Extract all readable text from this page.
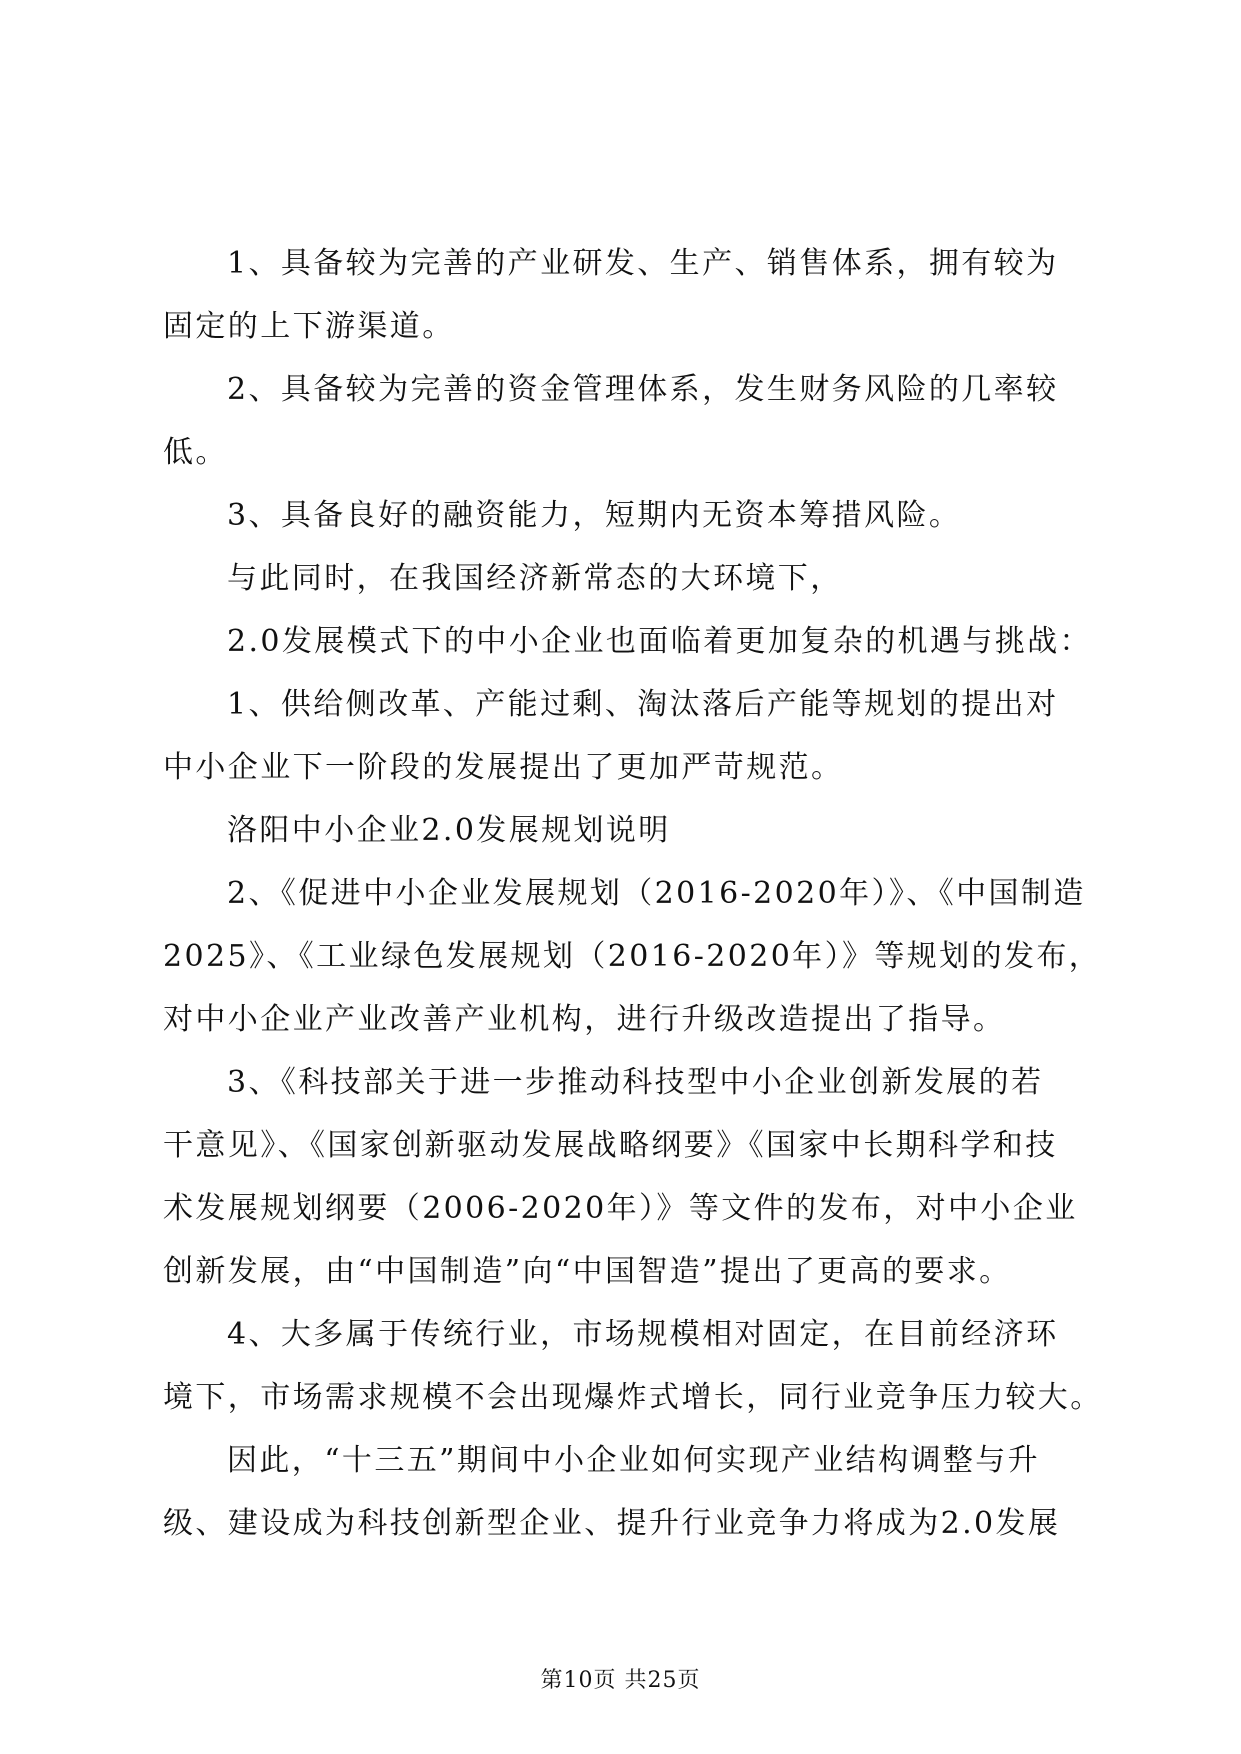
1、具备较为完善的产业研发、生产、销售体系，拥有较为
固定的上下游渠道。
2、具备较为完善的资金管理体系，发生财务风险的几率较
低。
3、具备良好的融资能力，短期内无资本筹措风险。
与此同时，在我国经济新常态的大环境下，
2.0发展模式下的中小企业也面临着更加复杂的机遇与挑战：
1、供给侧改革、产能过剩、淘汰落后产能等规划的提出对
中小企业下一阶段的发展提出了更加严苛规范。
洛阳中小企业2.0发展规划说明
2、《促进中小企业发展规划（2016-2020年）》、《中国制造
2025》、《工业绿色发展规划（2016-2020年）》等规划的发布，
对中小企业产业改善产业机构，进行升级改造提出了指导。
3、《科技部关于进一步推动科技型中小企业创新发展的若
干意见》、《国家创新驱动发展战略纲要》《国家中长期科学和技
术发展规划纲要（2006-2020年）》等文件的发布，对中小企业
创新发展，由“中国制造”向“中国智造”提出了更高的要求。
4、大多属于传统行业，市场规模相对固定，在目前经济环
境下，市场需求规模不会出现爆炸式增长，同行业竞争压力较大。
因此，“十三五”期间中小企业如何实现产业结构调整与升
级、建设成为科技创新型企业、提升行业竞争力将成为2.0发展
第10页 共25页
